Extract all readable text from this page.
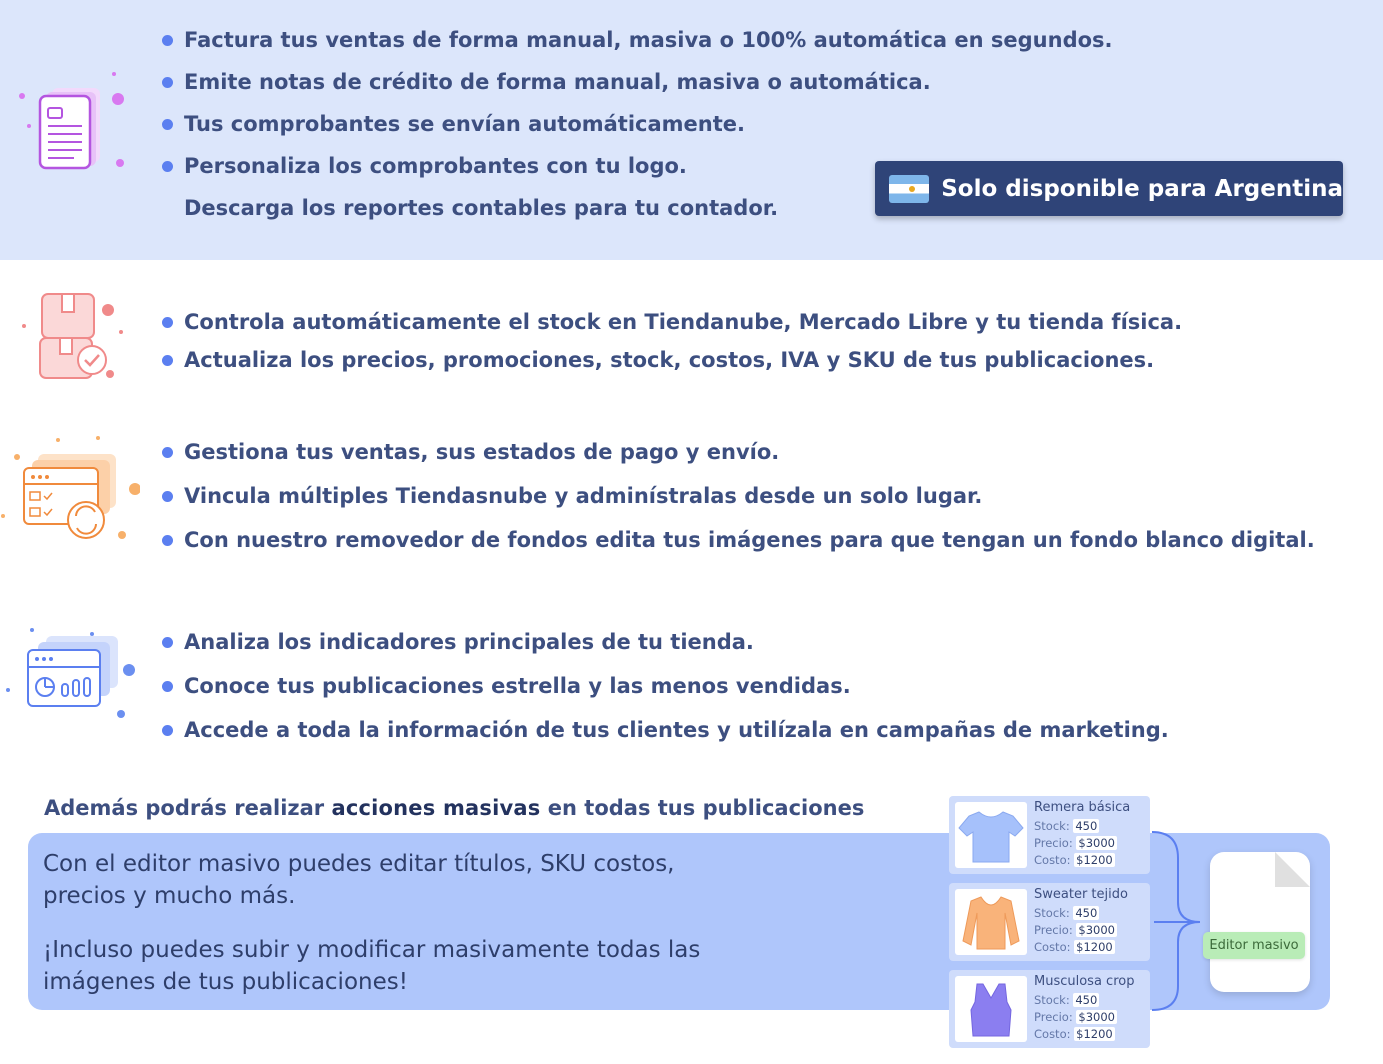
Factura tus ventas de forma manual, masiva o 100% automática en segundos.
Emite notas de crédito de forma manual, masiva o automática.
Tus comprobantes se envían automáticamente.
Personaliza los comprobantes con tu logo.
Descarga los reportes contables para tu contador.
Solo disponible para Argentina
Controla automáticamente el stock en Tiendanube, Mercado Libre y tu tienda física.
Actualiza los precios, promociones, stock, costos, IVA y SKU de tus publicaciones.
Gestiona tus ventas, sus estados de pago y envío.
Vincula múltiples Tiendasnube y adminístralas desde un solo lugar.
Con nuestro removedor de fondos edita tus imágenes para que tengan un fondo blanco digital.
Analiza los indicadores principales de tu tienda.
Conoce tus publicaciones estrella y las menos vendidas.
Accede a toda la información de tus clientes y utilízala en campañas de marketing.
Además podrás realizar acciones masivas en todas tus publicaciones

Con el editor masivo puedes editar títulos, SKU costos, precios y mucho más.

¡Incluso puedes subir y modificar masivamente todas las imágenes de tus publicaciones!

Remera básica
Stock: 450
Precio: $3000
Costo: $1200
Sweater tejido
Stock: 450
Precio: $3000
Costo: $1200
Musculosa crop
Stock: 450
Precio: $3000
Costo: $1200
Editor masivo
